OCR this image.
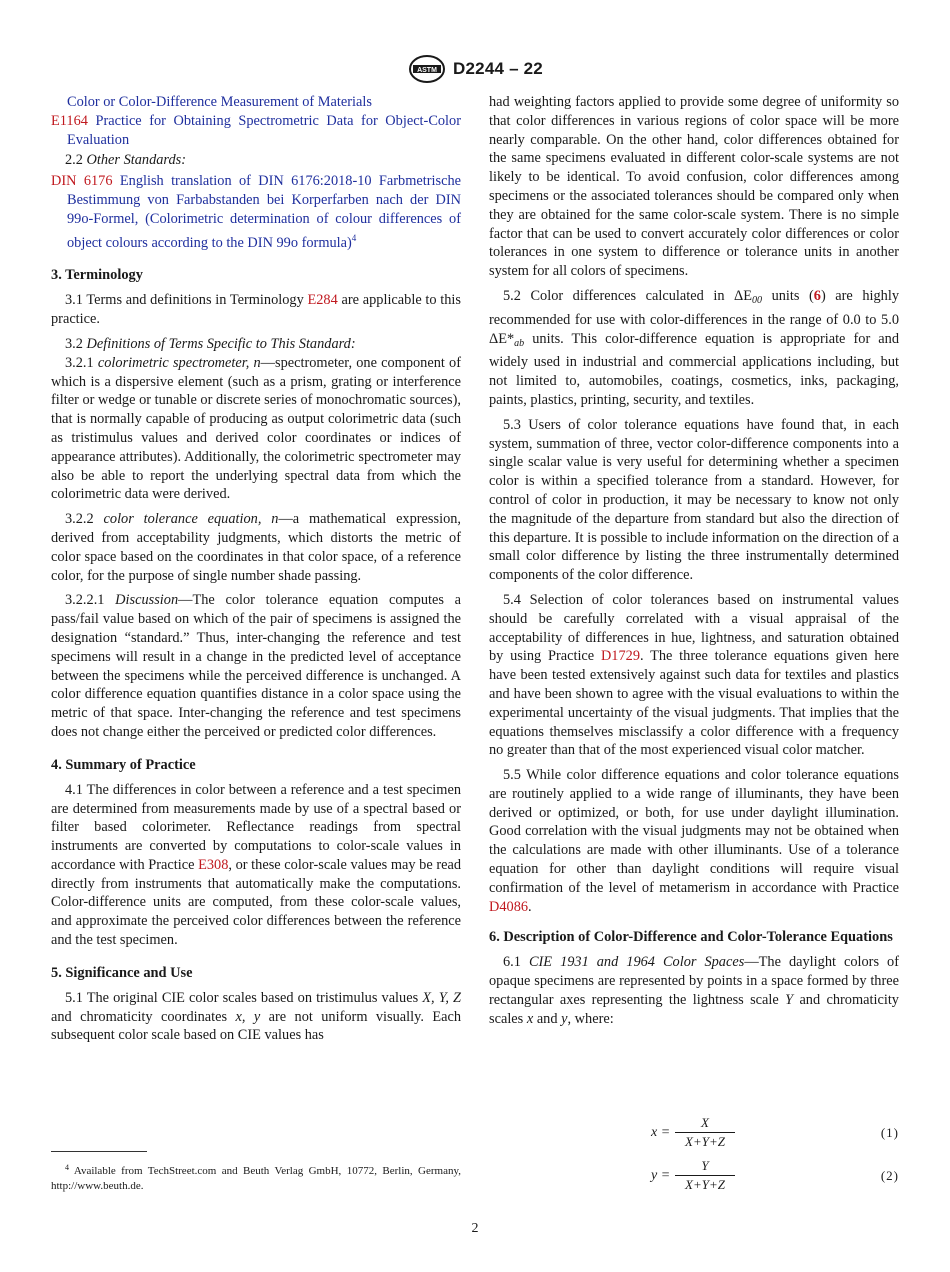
ASTM D2244 – 22

Color or Color-Difference Measurement of Materials

E1164 Practice for Obtaining Spectrometric Data for Object-Color Evaluation

2.2 Other Standards:

DIN 6176 English translation of DIN 6176:2018-10 Farbmetrische Bestimmung von Farbabstanden bei Korperfarben nach der DIN 99o-Formel, (Colorimetric determination of colour differences of object colours according to the DIN 99o formula)$^4$

3. Terminology

3.1 Terms and definitions in Terminology E284 are applicable to this practice.

3.2 Definitions of Terms Specific to This Standard:

3.2.1 colorimetric spectrometer, n—spectrometer, one component of which is a dispersive element (such as a prism, grating or interference filter or wedge or tunable or discrete series of monochromatic sources), that is normally capable of producing as output colorimetric data (such as tristimulus values and derived color coordinates or indices of appearance attributes). Additionally, the colorimetric spectrometer may also be able to report the underlying spectral data from which the colorimetric data were derived.

3.2.2 color tolerance equation, n—a mathematical expression, derived from acceptability judgments, which distorts the metric of color space based on the coordinates in that color space, of a reference color, for the purpose of single number shade passing.

3.2.2.1 Discussion—The color tolerance equation computes a pass/fail value based on which of the pair of specimens is assigned the designation “standard.” Thus, inter-changing the reference and test specimens will result in a change in the predicted level of acceptance between the specimens while the perceived difference is unchanged. A color difference equation quantifies distance in a color space using the metric of that space. Inter-changing the reference and test specimens does not change either the perceived or predicted color differences.

4. Summary of Practice

4.1 The differences in color between a reference and a test specimen are determined from measurements made by use of a spectral based or filter based colorimeter. Reflectance readings from spectral instruments are converted by computations to color-scale values in accordance with Practice E308, or these color-scale values may be read directly from instruments that automatically make the computations. Color-difference units are computed, from these color-scale values, and approximate the perceived color differences between the reference and the test specimen.

5. Significance and Use

5.1 The original CIE color scales based on tristimulus values X, Y, Z and chromaticity coordinates x, y are not uniform visually. Each subsequent color scale based on CIE values has

$^4$ Available from TechStreet.com and Beuth Verlag GmbH, 10772, Berlin, Germany, http://www.beuth.de.

had weighting factors applied to provide some degree of uniformity so that color differences in various regions of color space will be more nearly comparable. On the other hand, color differences obtained for the same specimens evaluated in different color-scale systems are not likely to be identical. To avoid confusion, color differences among specimens or the associated tolerances should be compared only when they are obtained for the same color-scale system. There is no simple factor that can be used to convert accurately color differences or color tolerances in one system to difference or tolerance units in another system for all colors of specimens.

5.2 Color differences calculated in $\Delta E_{00}$ units (6) are highly recommended for use with color-differences in the range of 0.0 to 5.0 $\Delta E*_{ab}$ units. This color-difference equation is appropriate for and widely used in industrial and commercial applications including, but not limited to, automobiles, coatings, cosmetics, inks, packaging, paints, plastics, printing, security, and textiles.

5.3 Users of color tolerance equations have found that, in each system, summation of three, vector color-difference components into a single scalar value is very useful for determining whether a specimen color is within a specified tolerance from a standard. However, for control of color in production, it may be necessary to know not only the magnitude of the departure from standard but also the direction of this departure. It is possible to include information on the direction of a small color difference by listing the three instrumentally determined components of the color difference.

5.4 Selection of color tolerances based on instrumental values should be carefully correlated with a visual appraisal of the acceptability of differences in hue, lightness, and saturation obtained by using Practice D1729. The three tolerance equations given here have been tested extensively against such data for textiles and plastics and have been shown to agree with the visual evaluations to within the experimental uncertainty of the visual judgments. That implies that the equations themselves misclassify a color difference with a frequency no greater than that of the most experienced visual color matcher.

5.5 While color difference equations and color tolerance equations are routinely applied to a wide range of illuminants, they have been derived or optimized, or both, for use under daylight illumination. Good correlation with the visual judgments may not be obtained when the calculations are made with other illuminants. Use of a tolerance equation for other than daylight conditions will require visual confirmation of the level of metamerism in accordance with Practice D4086.

6. Description of Color-Difference and Color-Tolerance Equations

6.1 CIE 1931 and 1964 Color Spaces—The daylight colors of opaque specimens are represented by points in a space formed by three rectangular axes representing the lightness scale Y and chromaticity scales x and y, where:

x =
X
X+Y+Z
(1)
y =
Y
X+Y+Z
(2)
2
